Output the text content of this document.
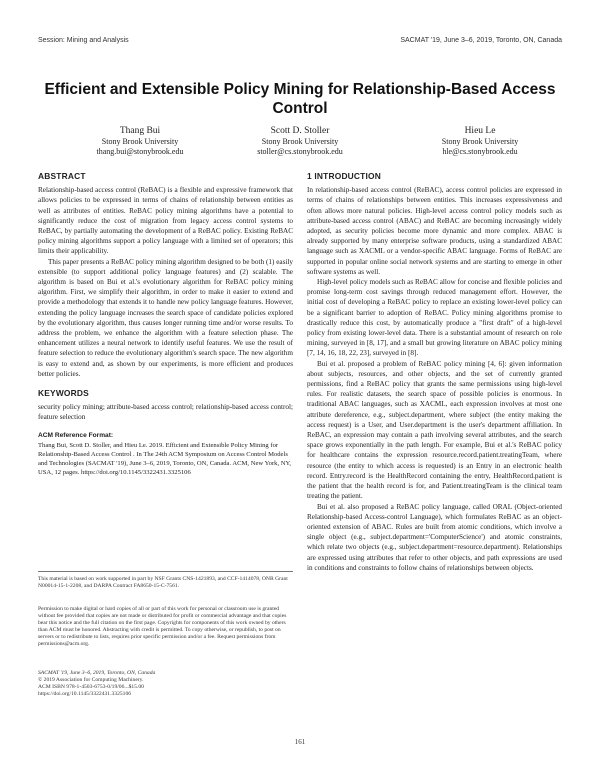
Session: Mining and Analysis	SACMAT '19, June 3–6, 2019, Toronto, ON, Canada
Efficient and Extensible Policy Mining for Relationship-Based Access Control
Thang Bui
Stony Brook University
thang.bui@stonybrook.edu
Scott D. Stoller
Stony Brook University
stoller@cs.stonybrook.edu
Hieu Le
Stony Brook University
hle@cs.stonybrook.edu
ABSTRACT

Relationship-based access control (ReBAC) is a flexible and expressive framework that allows policies to be expressed in terms of chains of relationship between entities as well as attributes of entities. ReBAC policy mining algorithms have a potential to significantly reduce the cost of migration from legacy access control systems to ReBAC, by partially automating the development of a ReBAC policy. Existing ReBAC policy mining algorithms support a policy language with a limited set of operators; this limits their applicability.

This paper presents a ReBAC policy mining algorithm designed to be both (1) easily extensible (to support additional policy language features) and (2) scalable. The algorithm is based on Bui et al.'s evolutionary algorithm for ReBAC policy mining algorithm. First, we simplify their algorithm, in order to make it easier to extend and provide a methodology that extends it to handle new policy language features. However, extending the policy language increases the search space of candidate policies explored by the evolutionary algorithm, thus causes longer running time and/or worse results. To address the problem, we enhance the algorithm with a feature selection phase. The enhancement utilizes a neural network to identify useful features. We use the result of feature selection to reduce the evolutionary algorithm's search space. The new algorithm is easy to extend and, as shown by our experiments, is more efficient and produces better policies.

KEYWORDS

security policy mining; attribute-based access control; relationship-based access control; feature selection

ACM Reference Format:

Thang Bui, Scott D. Stoller, and Hieu Le. 2019. Efficient and Extensible Policy Mining for Relationship-Based Access Control . In The 24th ACM Symposium on Access Control Models and Technologies (SACMAT '19), June 3–6, 2019, Toronto, ON, Canada. ACM, New York, NY, USA, 12 pages. https://doi.org/10.1145/3322431.3325106

This material is based on work supported in part by NSF Grants CNS-1421893, and CCF-1414078, ONR Grant N00014-15-1-2208, and DARPA Contract FA8650-15-C-7561.
Permission to make digital or hard copies of all or part of this work for personal or classroom use is granted without fee provided that copies are not made or distributed for profit or commercial advantage and that copies bear this notice and the full citation on the first page. Copyrights for components of this work owned by others than ACM must be honored. Abstracting with credit is permitted. To copy otherwise, or republish, to post on servers or to redistribute to lists, requires prior specific permission and/or a fee. Request permissions from permissions@acm.org.
SACMAT '19, June 3–6, 2019, Toronto, ON, Canada
© 2019 Association for Computing Machinery.
ACM ISBN 978-1-4503-6753-0/19/06...$15.00
https://doi.org/10.1145/3322431.3325106
1 INTRODUCTION

In relationship-based access control (ReBAC), access control policies are expressed in terms of chains of relationships between entities. This increases expressiveness and often allows more natural policies. High-level access control policy models such as attribute-based access control (ABAC) and ReBAC are becoming increasingly widely adopted, as security policies become more dynamic and more complex. ABAC is already supported by many enterprise software products, using a standardized ABAC language such as XACML or a vendor-specific ABAC language. Forms of ReBAC are supported in popular online social network systems and are starting to emerge in other software systems as well.

High-level policy models such as ReBAC allow for concise and flexible policies and promise long-term cost savings through reduced management effort. However, the initial cost of developing a ReBAC policy to replace an existing lower-level policy can be a significant barrier to adoption of ReBAC. Policy mining algorithms promise to drastically reduce this cost, by automatically produce a "first draft" of a high-level policy from existing lower-level data. There is a substantial amount of research on role mining, surveyed in [8, 17], and a small but growing literature on ABAC policy mining [7, 14, 16, 18, 22, 23], surveyed in [8].

Bui et al. proposed a problem of ReBAC policy mining [4, 6]: given information about subjects, resources, and other objects, and the set of currently granted permissions, find a ReBAC policy that grants the same permissions using high-level rules. For realistic datasets, the search space of possible policies is enormous. In traditional ABAC languages, such as XACML, each expression involves at most one attribute dereference, e.g., subject.department, where subject (the entity making the access request) is a User, and User.department is the user's department affiliation. In ReBAC, an expression may contain a path involving several attributes, and the search space grows exponentially in the path length. For example, Bui et al.'s ReBAC policy for healthcare contains the expression resource.record.patient.treatingTeam, where resource (the entity to which access is requested) is an Entry in an electronic health record. Entry.record is the HealthRecord containing the entry, HealthRecord.patient is the patient that the health record is for, and Patient.treatingTeam is the clinical team treating the patient.

Bui et al. also proposed a ReBAC policy language, called ORAL (Object-oriented Relationship-based Access-control Language), which formulates ReBAC as an object-oriented extension of ABAC. Rules are built from atomic conditions, which involve a single object (e.g., subject.department='ComputerScience') and atomic constraints, which relate two objects (e.g., subject.department=resource.department). Relationships are expressed using attributes that refer to other objects, and path expressions are used in conditions and constraints to follow chains of relationships between objects.

161
